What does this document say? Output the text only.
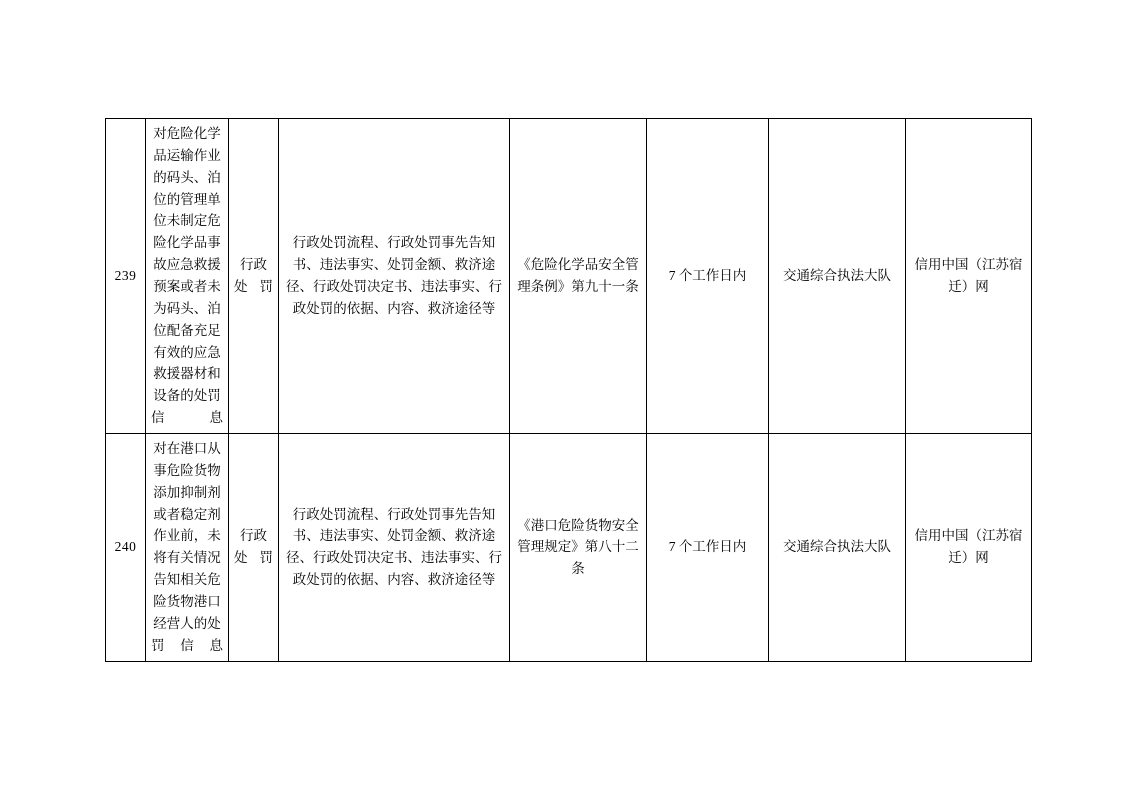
239	对危险化学品运输作业的码头、泊位的管理单位未制定危险化学品事故应急救援预案或者未为码头、泊位配备充足有效的应急救援器材和设备的处罚信息	行政处罚	行政处罚流程、行政处罚事先告知书、违法事实、处罚金额、救济途径、行政处罚决定书、违法事实、行政处罚的依据、内容、救济途径等	《危险化学品安全管理条例》第九十一条	7 个工作日内	交通综合执法大队	信用中国（江苏宿迁）网
240	对在港口从事危险货物添加抑制剂或者稳定剂作业前，未将有关情况告知相关危险货物港口经营人的处罚信息	行政处罚	行政处罚流程、行政处罚事先告知书、违法事实、处罚金额、救济途径、行政处罚决定书、违法事实、行政处罚的依据、内容、救济途径等	《港口危险货物安全管理规定》第八十二条	7 个工作日内	交通综合执法大队	信用中国（江苏宿迁）网
